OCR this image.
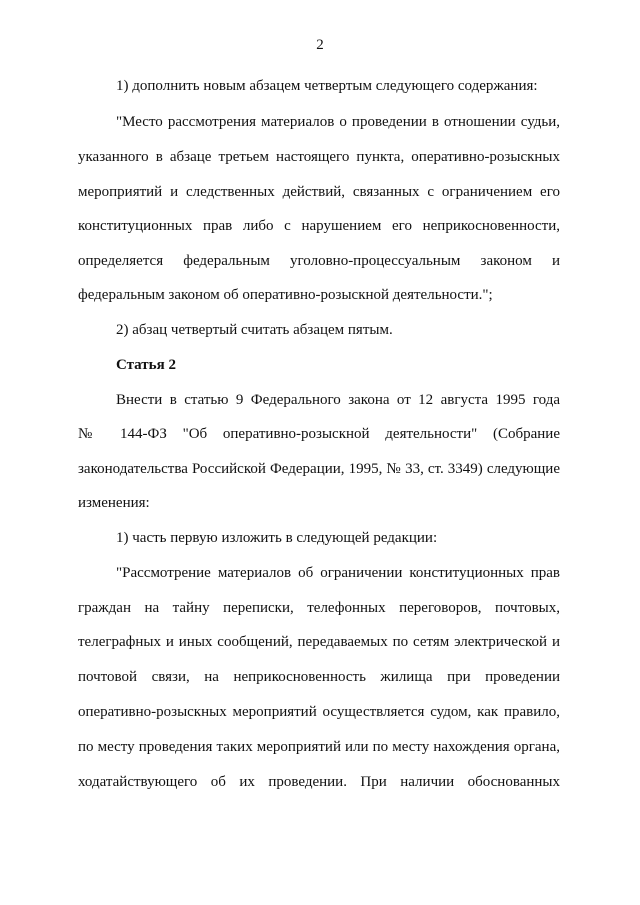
2
1) дополнить новым абзацем четвертым следующего содержания:
"Место рассмотрения материалов о проведении в отношении судьи,
указанного в абзаце третьем настоящего пункта, оперативно-розыскных
мероприятий и следственных действий, связанных с ограничением его
конституционных прав либо с нарушением его неприкосновенности,
определяется федеральным уголовно-процессуальным законом и
федеральным законом об оперативно-розыскной деятельности.";
2) абзац четвертый считать абзацем пятым.
Статья 2
Внести в статью 9 Федерального закона от 12 августа 1995 года
№ 144-ФЗ "Об оперативно-розыскной деятельности" (Собрание
законодательства Российской Федерации, 1995, № 33, ст. 3349) следующие
изменения:
1) часть первую изложить в следующей редакции:
"Рассмотрение материалов об ограничении конституционных прав
граждан на тайну переписки, телефонных переговоров, почтовых,
телеграфных и иных сообщений, передаваемых по сетям электрической и
почтовой связи, на неприкосновенность жилища при проведении
оперативно-розыскных мероприятий осуществляется судом, как правило,
по месту проведения таких мероприятий или по месту нахождения органа,
ходатайствующего об их проведении. При наличии обоснованных
